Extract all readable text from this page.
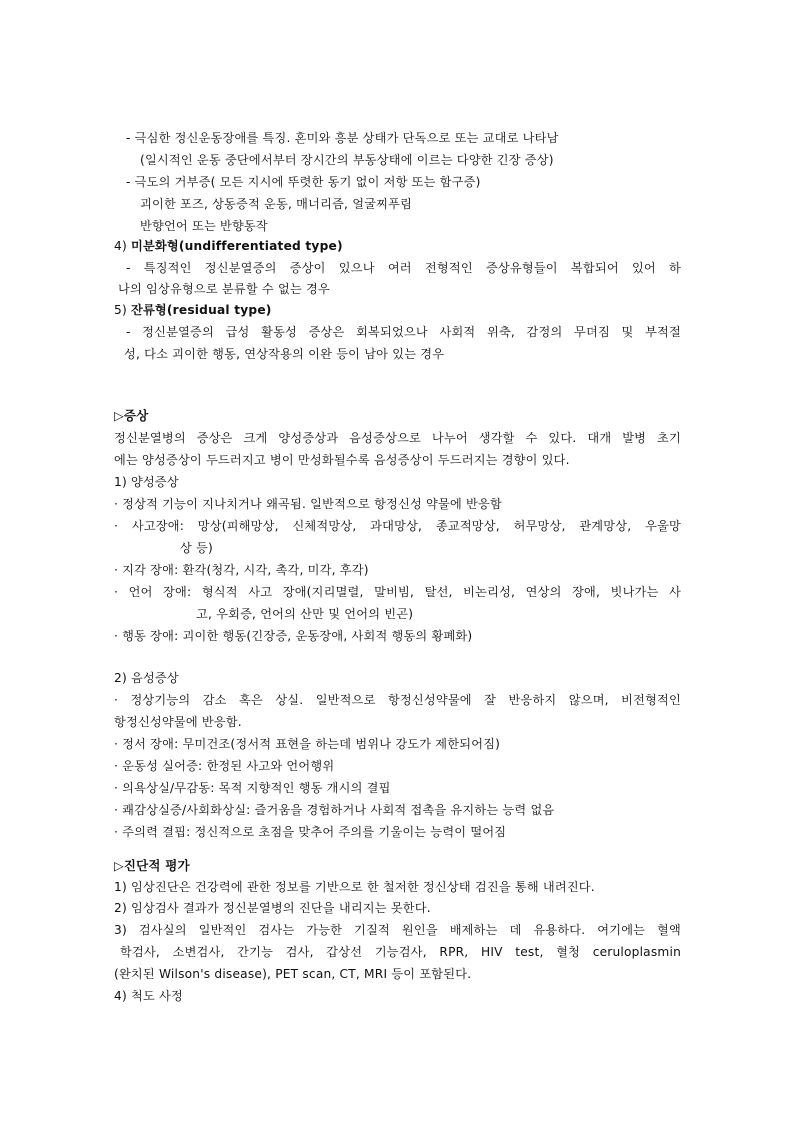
- 극심한 정신운동장애를 특징. 혼미와 흥분 상태가 단독으로 또는 교대로 나타남
(일시적인 운동 중단에서부터 장시간의 부동상태에 이르는 다양한 긴장 증상)
- 극도의 거부증( 모든 지시에 뚜렷한 동기 없이 저항 또는 함구증)
괴이한 포즈, 상동증적 운동, 매너리즘, 얼굴찌푸림
반향언어 또는 반향동작
4) 미분화형(undifferentiated type)
- 특징적인 정신분열증의 증상이 있으나 여러 전형적인 증상유형들이 복합되어 있어 하
나의 임상유형으로 분류할 수 없는 경우
5) 잔류형(residual type)
- 정신분열증의 급성 활동성 증상은 회복되었으나 사회적 위축, 감정의 무뎌짐 및 부적절
성, 다소 괴이한 행동, 연상작용의 이완 등이 남아 있는 경우
▷증상
정신분열병의 증상은 크게 양성증상과 음성증상으로 나누어 생각할 수 있다. 대개 발병 초기
에는 양성증상이 두드러지고 병이 만성화될수록 음성증상이 두드러지는 경향이 있다.
1) 양성증상
· 정상적 기능이 지나치거나 왜곡됨. 일반적으로 항정신성 약물에 반응함
· 사고장애: 망상(피해망상, 신체적망상, 과대망상, 종교적망상, 허무망상, 관계망상, 우울망
상 등)
· 지각 장애: 환각(청각, 시각, 촉각, 미각, 후각)
· 언어 장애: 형식적 사고 장애(지리멸렬, 말비빔, 탈선, 비논리성, 연상의 장애, 빗나가는 사
고, 우회증, 언어의 산만 및 언어의 빈곤)
· 행동 장애: 괴이한 행동(긴장증, 운동장애, 사회적 행동의 황폐화)
2) 음성증상
· 정상기능의 감소 혹은 상실. 일반적으로 항정신성약물에 잘 반응하지 않으며, 비전형적인
항정신성약물에 반응함.
· 정서 장애: 무미건조(정서적 표현을 하는데 범위나 강도가 제한되어짐)
· 운동성 실어증: 한정된 사고와 언어행위
· 의욕상실/무감동: 목적 지향적인 행동 개시의 결핍
· 쾌감상실증/사회화상실: 즐거움을 경험하거나 사회적 접촉을 유지하는 능력 없음
· 주의력 결핍: 정신적으로 초점을 맞추어 주의를 기울이는 능력이 떨어짐
▷진단적 평가
1) 임상진단은 건강력에 관한 정보를 기반으로 한 철저한 정신상태 검진을 통해 내려진다.
2) 임상검사 결과가 정신분열병의 진단을 내리지는 못한다.
3) 검사실의 일반적인 검사는 가능한 기질적 원인을 배제하는 데 유용하다. 여기에는 혈액
학검사, 소변검사, 간기능 검사, 갑상선 기능검사, RPR, HIV test, 혈청 ceruloplasmin
(완치된 Wilson's disease), PET scan, CT, MRI 등이 포함된다.
4) 척도 사정
